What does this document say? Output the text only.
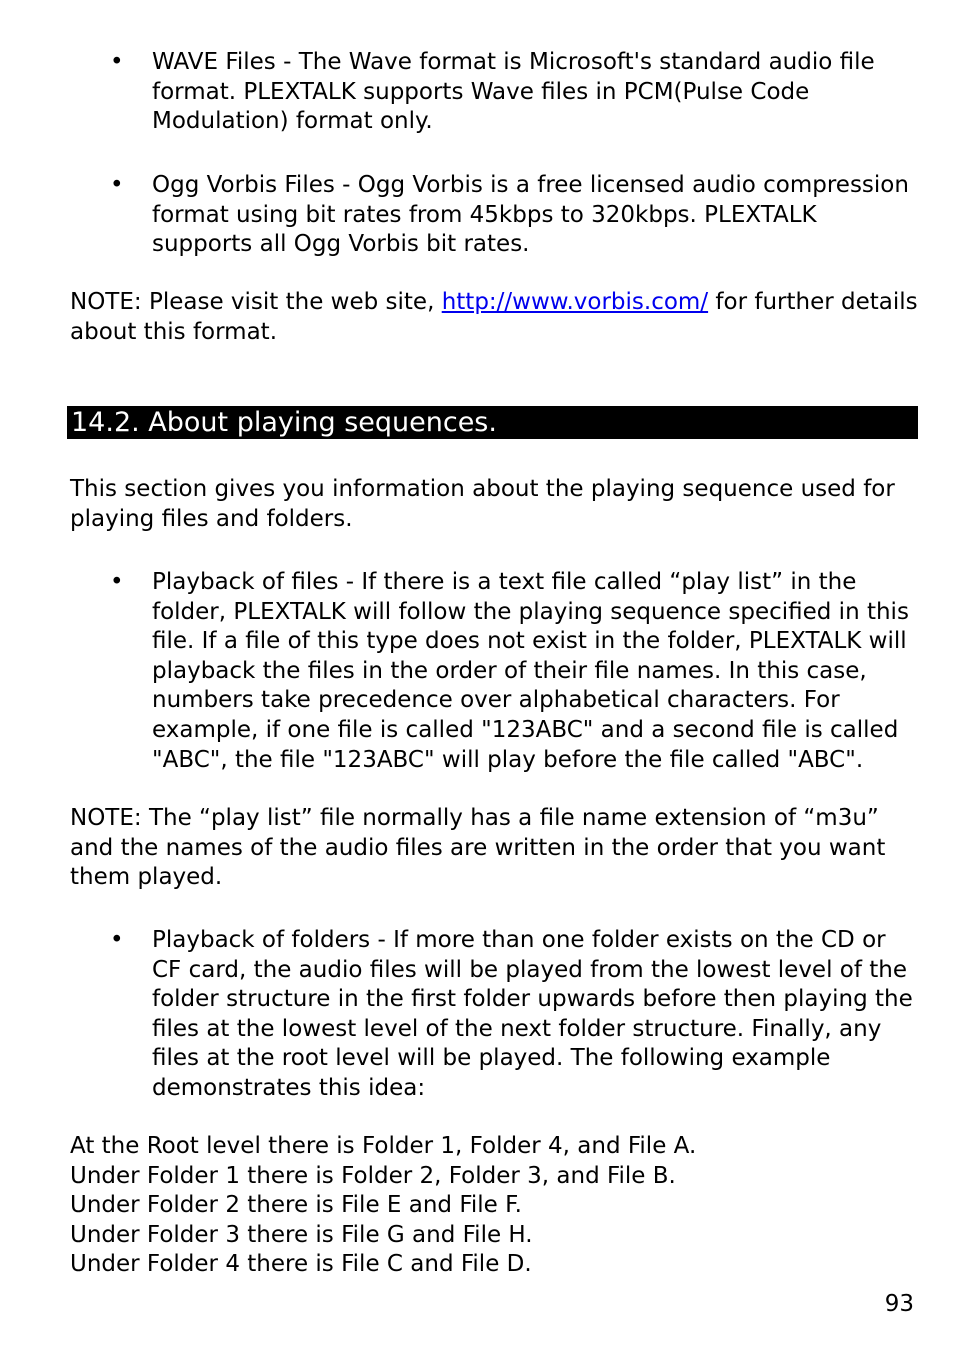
• WAVE Files - The Wave format is Microsoft's standard audio file format. PLEXTALK supports Wave files in PCM(Pulse Code Modulation) format only.
• Ogg Vorbis Files - Ogg Vorbis is a free licensed audio compression format using bit rates from 45kbps to 320kbps. PLEXTALK supports all Ogg Vorbis bit rates.

NOTE: Please visit the web site, http://www.vorbis.com/ for further details about this format.

14.2. About playing sequences.

This section gives you information about the playing sequence used for playing files and folders.

• Playback of files - If there is a text file called “play list” in the folder, PLEXTALK will follow the playing sequence specified in this file. If a file of this type does not exist in the folder, PLEXTALK will playback the files in the order of their file names. In this case, numbers take precedence over alphabetical characters. For example, if one file is called "123ABC" and a second file is called "ABC", the file "123ABC" will play before the file called "ABC".

NOTE: The “play list” file normally has a file name extension of “m3u” and the names of the audio files are written in the order that you want them played.

• Playback of folders - If more than one folder exists on the CD or CF card, the audio files will be played from the lowest level of the folder structure in the first folder upwards before then playing the files at the lowest level of the next folder structure. Finally, any files at the root level will be played. The following example demonstrates this idea:
At the Root level there is Folder 1, Folder 4, and File A.
Under Folder 1 there is Folder 2, Folder 3, and File B.
Under Folder 2 there is File E and File F.
Under Folder 3 there is File G and File H.
Under Folder 4 there is File C and File D.
93
